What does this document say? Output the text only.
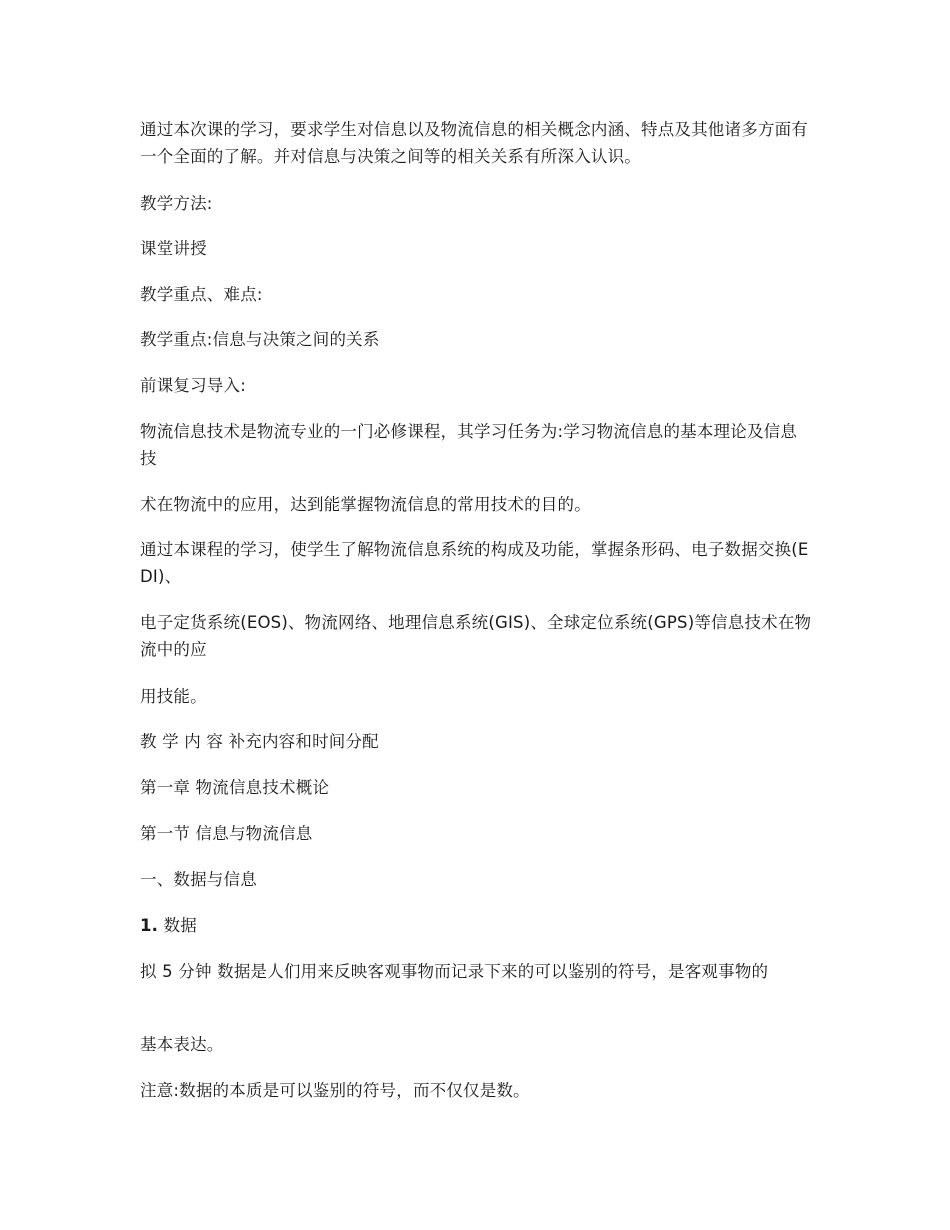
通过本次课的学习，要求学生对信息以及物流信息的相关概念内涵、特点及其他诸多方面有一个全面的了解。并对信息与决策之间等的相关关系有所深入认识。

教学方法:

课堂讲授

教学重点、难点:

教学重点:信息与决策之间的关系

前课复习导入:

物流信息技术是物流专业的一门必修课程，其学习任务为:学习物流信息的基本理论及信息技

术在物流中的应用，达到能掌握物流信息的常用技术的目的。

通过本课程的学习，使学生了解物流信息系统的构成及功能，掌握条形码、电子数据交换(EDI)、

电子定货系统(EOS)、物流网络、地理信息系统(GIS)、全球定位系统(GPS)等信息技术在物流中的应

用技能。

教 学 内 容 补充内容和时间分配

第一章 物流信息技术概论

第一节 信息与物流信息

一、数据与信息

1. 数据

拟 5 分钟 数据是人们用来反映客观事物而记录下来的可以鉴别的符号，是客观事物的

基本表达。

注意:数据的本质是可以鉴别的符号，而不仅仅是数。
